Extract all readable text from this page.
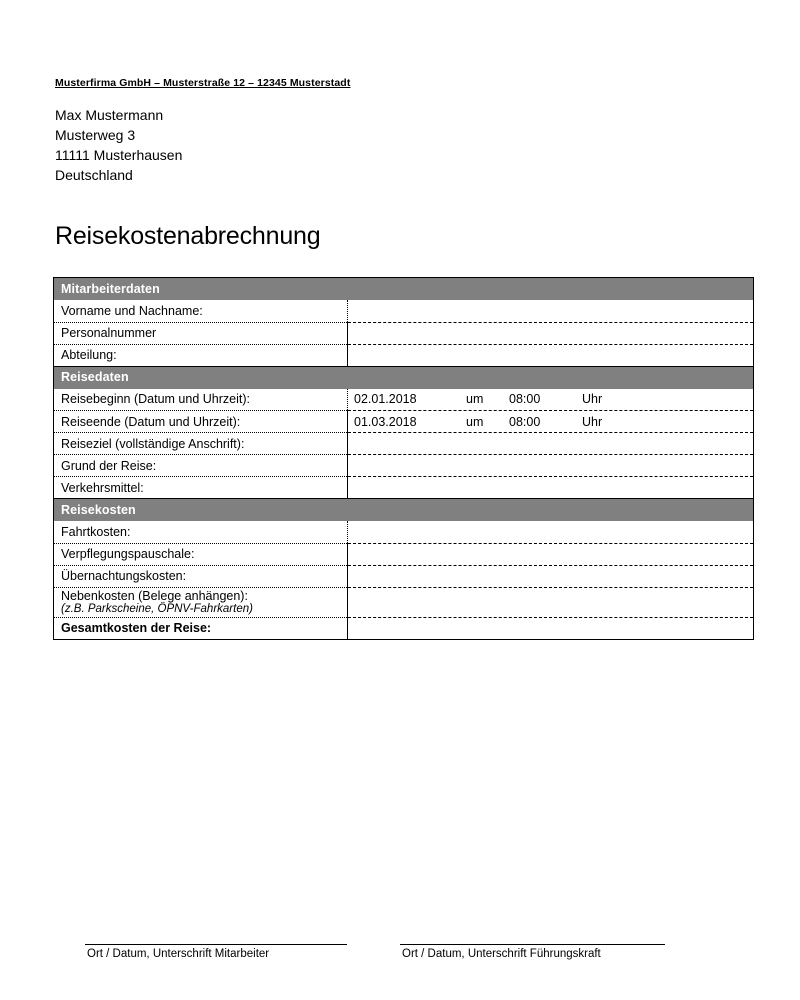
Musterfirma GmbH – Musterstraße 12 – 12345 Musterstadt
Max Mustermann
Musterweg 3
11111 Musterhausen
Deutschland
Reisekostenabrechnung
Mitarbeiterdaten	
Vorname und Nachname:	
Personalnummer	
Abteilung:	
Reisedaten	
Reisebeginn (Datum und Uhrzeit):	02.01.2018 um 08:00 Uhr
Reiseende (Datum und Uhrzeit):	01.03.2018 um 08:00 Uhr
Reiseziel (vollständige Anschrift):	
Grund der Reise:	
Verkehrsmittel:	
Reisekosten	
Fahrtkosten:	
Verpflegungspauschale:	
Übernachtungskosten:	

Nebenkosten (Belege anhängen):
(z.B. Parkscheine, ÖPNV-Fahrkarten)	

Gesamtkosten der Reise:	
Ort / Datum, Unterschrift Mitarbeiter	Ort / Datum, Unterschrift Führungskraft
